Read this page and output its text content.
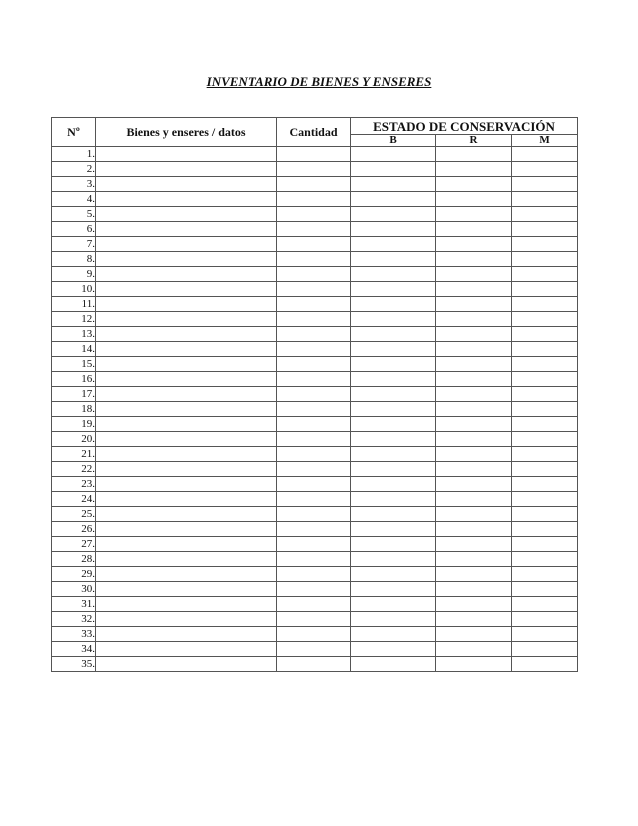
INVENTARIO DE BIENES Y ENSERES
Nº	Bienes y enseres / datos	Cantidad	ESTADO DE CONSERVACIÓN		
			B	R	M
1.					
2.					
3.					
4.					
5.					
6.					
7.					
8.					
9.					
10.					
11.					
12.					
13.					
14.					
15.					
16.					
17.					
18.					
19.					
20.					
21.					
22.					
23.					
24.					
25.					
26.					
27.					
28.					
29.					
30.					
31.					
32.					
33.					
34.					
35.					
